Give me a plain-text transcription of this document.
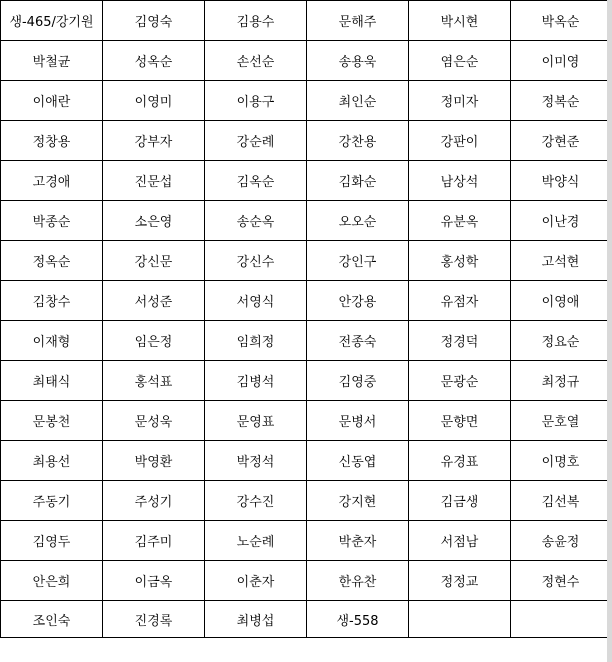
생-465/강기원	김영숙	김용수	문해주	박시현	박옥순
박철균	성옥순	손선순	송용욱	염은순	이미영
이애란	이영미	이용구	최인순	정미자	정복순
정창용	강부자	강순례	강찬용	강판이	강현준
고경애	진문섭	김옥순	김화순	남상석	박양식
박종순	소은영	송순옥	오오순	유분옥	이난경
정옥순	강신문	강신수	강인구	홍성학	고석현
김창수	서성준	서영식	안강용	유점자	이영애
이재형	임은정	임희정	전종숙	정경덕	정요순
최태식	홍석표	김병석	김영중	문광순	최정규
문봉천	문성욱	문영표	문병서	문향면	문호열
최용선	박영환	박정석	신동엽	유경표	이명호
주동기	주성기	강수진	강지현	김금생	김선복
김영두	김주미	노순례	박춘자	서점남	송윤정
안은희	이금옥	이춘자	한유찬	정정교	정현수
조인숙	진경록	최병섭	생-558		
